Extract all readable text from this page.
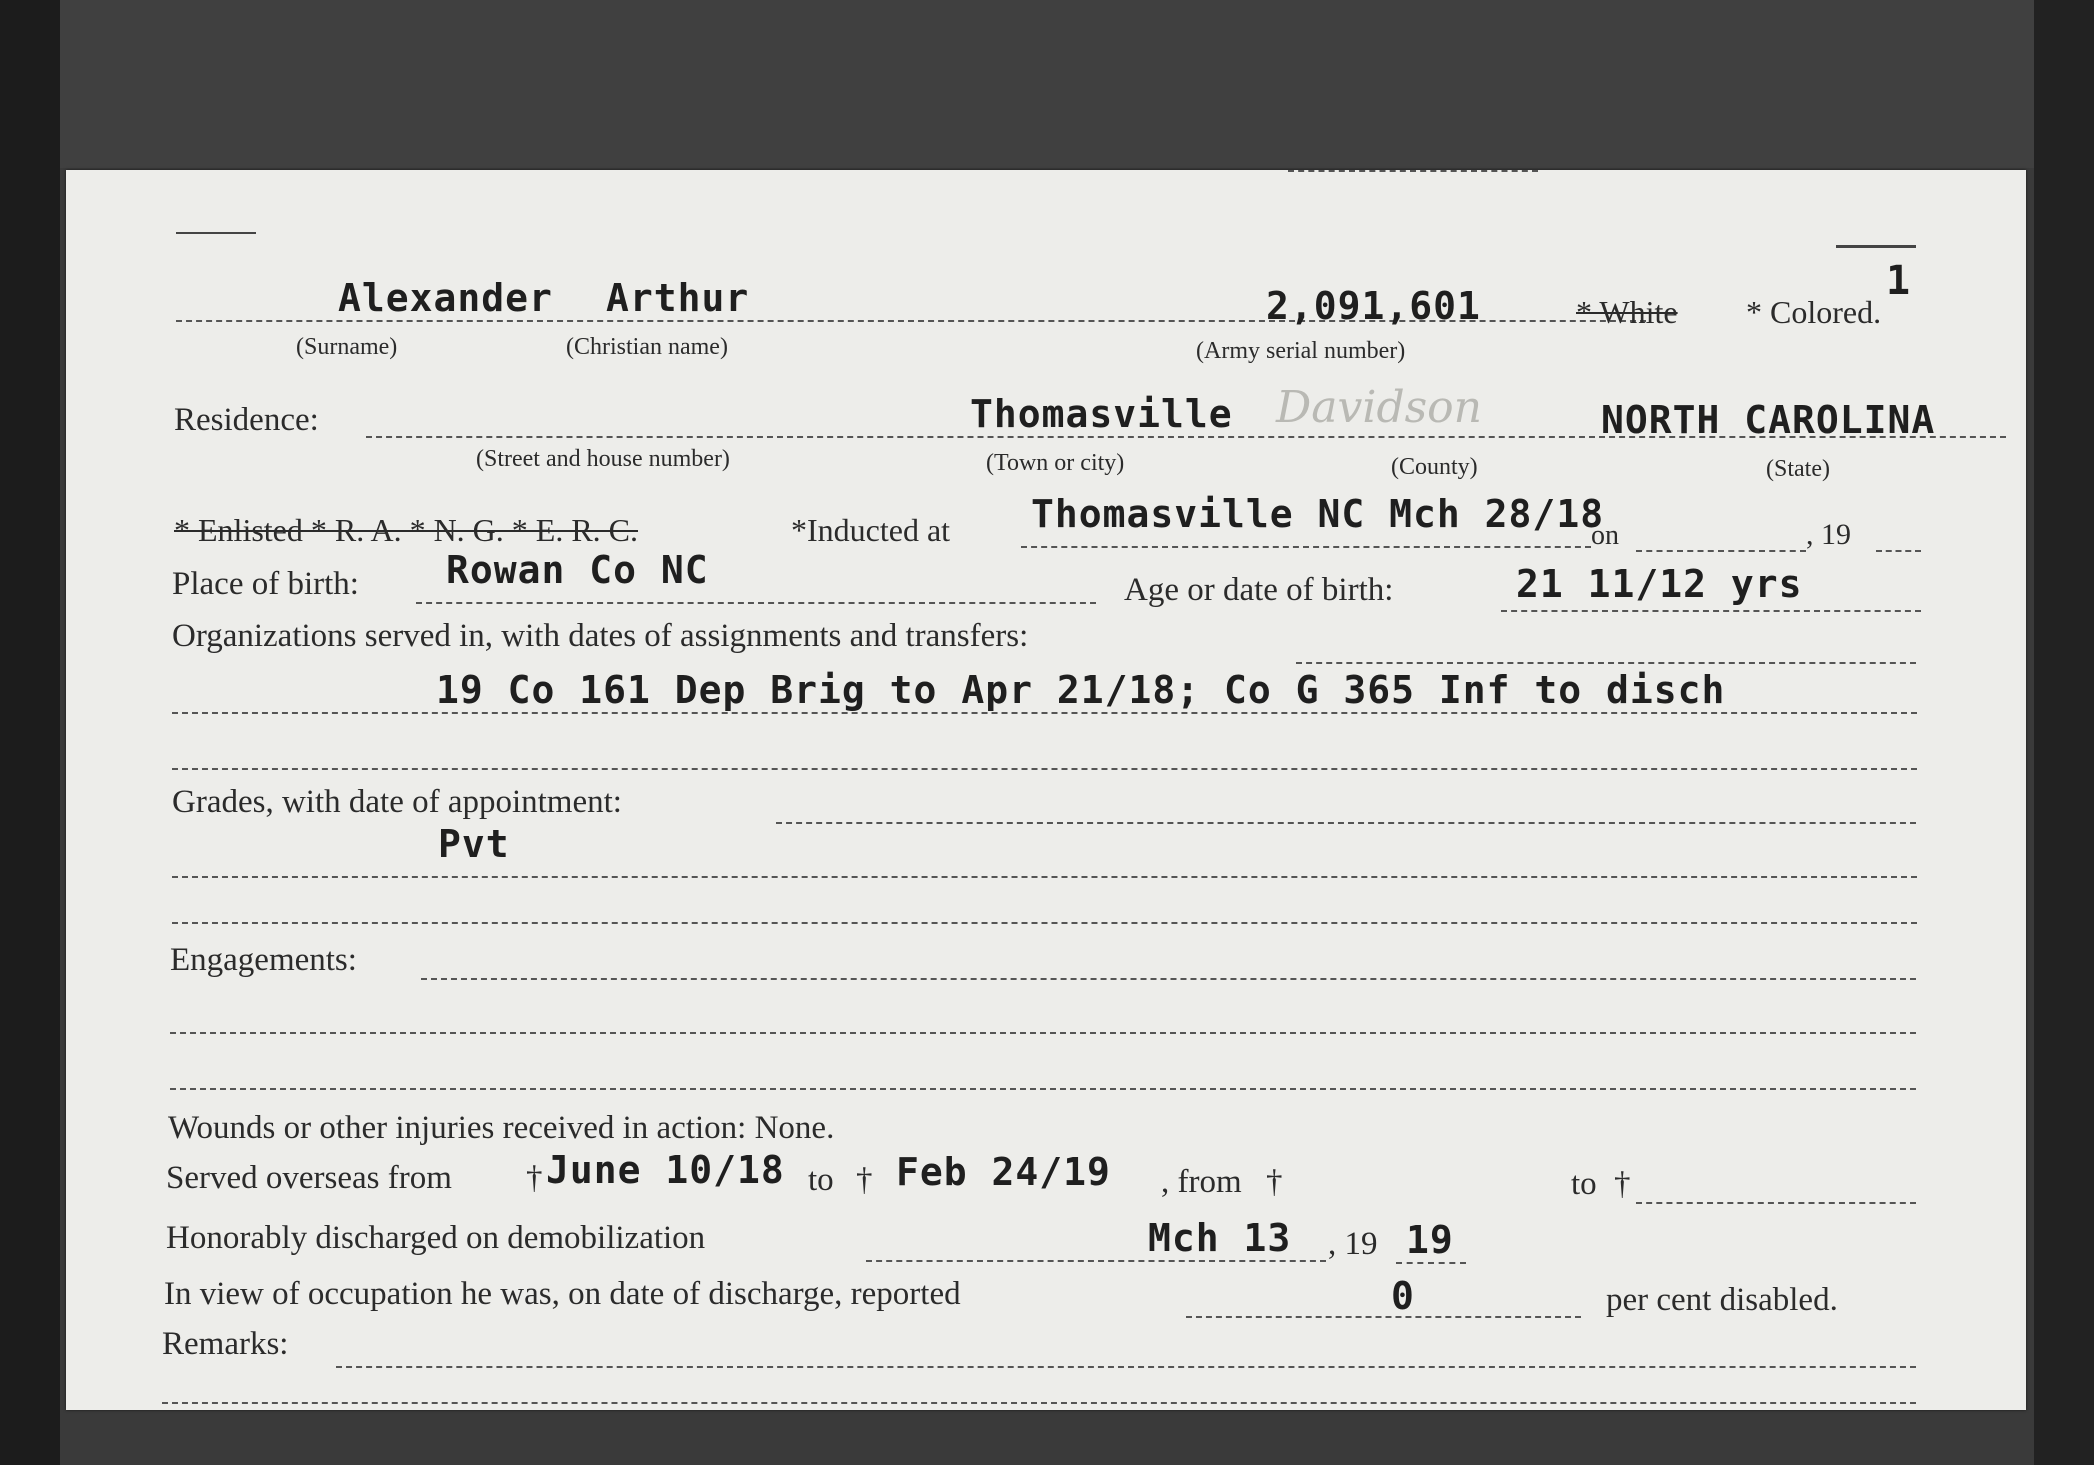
1
Alexander Arthur	2,091,601	* White * Colored.
(Surname)	(Christian name)	(Army serial number)
Residence:	Thomasville Davidson	NORTH CAROLINA
(Street and house number)	(Town or city)	(County)	(State)
* Enlisted * R. A. * N. G. * E. R. C.	*Inducted at Thomasville NC Mch 28/18
on	, 19
Place of birth: Rowan Co NC	Age or date of birth:	21 11/12 yrs
Organizations served in, with dates of assignments and transfers:
19 Co 161 Dep Brig to Apr 21/18; Co G 365 Inf to disch
Grades, with date of appointment:
Pvt
Engagements:
Wounds or other injuries received in action: None.
Served overseas from † June 10/18 to † Feb 24/19 , from †	to †
Honorably discharged on demobilization	Mch 13 , 19 19
In view of occupation he was, on date of discharge, reported	0	per cent disabled.
Remarks:
